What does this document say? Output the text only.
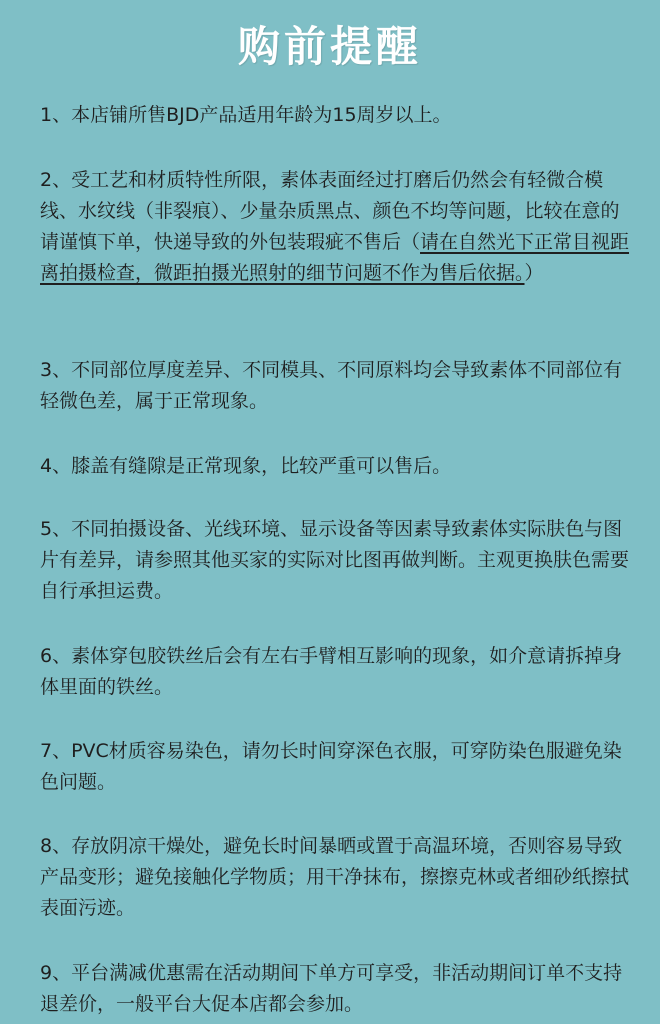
购前提醒

1、本店铺所售BJD产品适用年龄为15周岁以上。

2、受工艺和材质特性所限，素体表面经过打磨后仍然会有轻微合模线、水纹线（非裂痕）、少量杂质黑点、颜色不均等问题，比较在意的请谨慎下单，快递导致的外包装瑕疵不售后（请在自然光下正常目视距离拍摄检查，微距拍摄光照射的细节问题不作为售后依据。）

3、不同部位厚度差异、不同模具、不同原料均会导致素体不同部位有轻微色差，属于正常现象。

4、膝盖有缝隙是正常现象，比较严重可以售后。

5、不同拍摄设备、光线环境、显示设备等因素导致素体实际肤色与图片有差异，请参照其他买家的实际对比图再做判断。主观更换肤色需要自行承担运费。

6、素体穿包胶铁丝后会有左右手臂相互影响的现象，如介意请拆掉身体里面的铁丝。

7、PVC材质容易染色，请勿长时间穿深色衣服，可穿防染色服避免染色问题。

8、存放阴凉干燥处，避免长时间暴晒或置于高温环境，否则容易导致产品变形；避免接触化学物质；用干净抹布，擦擦克林或者细砂纸擦拭表面污迹。

9、平台满减优惠需在活动期间下单方可享受，非活动期间订单不支持退差价，一般平台大促本店都会参加。
